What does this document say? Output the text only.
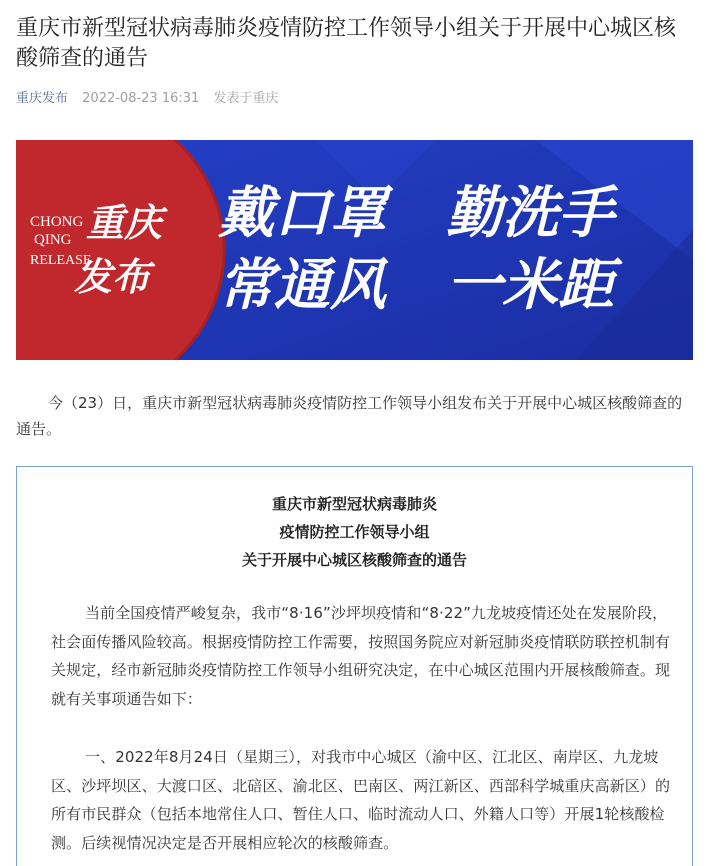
重庆市新型冠状病毒肺炎疫情防控工作领导小组关于开展中心城区核酸筛查的通告
重庆发布 2022-08-23 16:31 发表于重庆
CHONG
QING
RELEASE
重庆
发布
戴口罩 勤洗手
常通风 一米距

今（23）日，重庆市新型冠状病毒肺炎疫情防控工作领导小组发布关于开展中心城区核酸筛查的通告。

重庆市新型冠状病毒肺炎
疫情防控工作领导小组
关于开展中心城区核酸筛查的通告

当前全国疫情严峻复杂，我市“8·16”沙坪坝疫情和“8·22”九龙坡疫情还处在发展阶段，社会面传播风险较高。根据疫情防控工作需要，按照国务院应对新冠肺炎疫情联防联控机制有关规定，经市新冠肺炎疫情防控工作领导小组研究决定，在中心城区范围内开展核酸筛查。现就有关事项通告如下：

一、2022年8月24日（星期三），对我市中心城区（渝中区、江北区、南岸区、九龙坡区、沙坪坝区、大渡口区、北碚区、渝北区、巴南区、两江新区、西部科学城重庆高新区）的所有市民群众（包括本地常住人口、暂住人口、临时流动人口、外籍人口等）开展1轮核酸检测。后续视情况决定是否开展相应轮次的核酸筛查。
